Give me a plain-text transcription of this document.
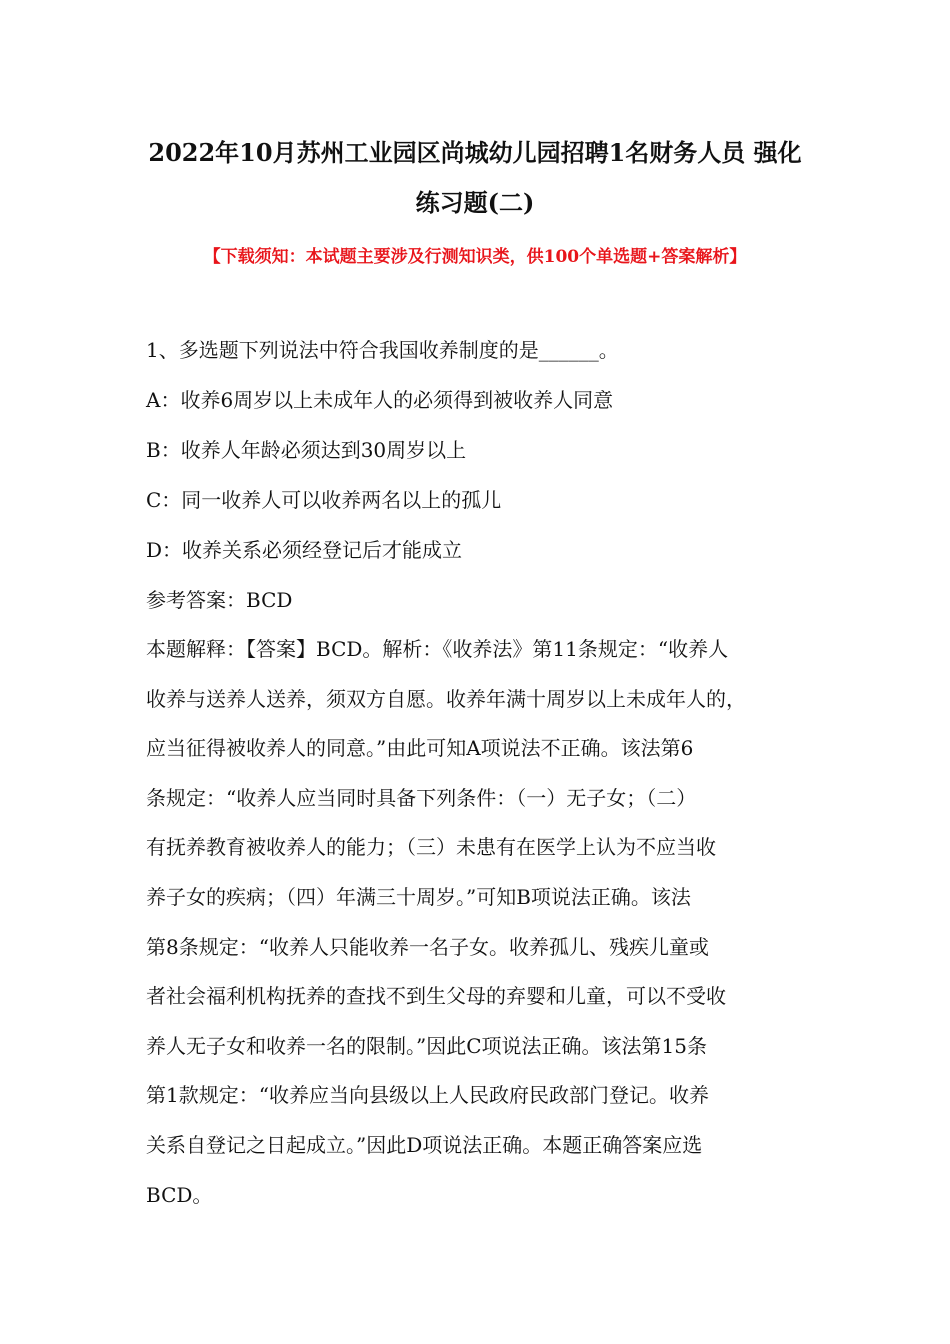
2022年10月苏州工业园区尚城幼儿园招聘1名财务人员 强化
练习题(二)
【下载须知：本试题主要涉及行测知识类，供100个单选题+答案解析】
1、多选题下列说法中符合我国收养制度的是______。
A：收养6周岁以上未成年人的必须得到被收养人同意
B：收养人年龄必须达到30周岁以上
C：同一收养人可以收养两名以上的孤儿
D：收养关系必须经登记后才能成立
参考答案：BCD
本题解释：【答案】BCD。解析：《收养法》第11条规定：“收养人
收养与送养人送养，须双方自愿。收养年满十周岁以上未成年人的，
应当征得被收养人的同意。”由此可知A项说法不正确。该法第6
条规定：“收养人应当同时具备下列条件：（一）无子女；（二）
有抚养教育被收养人的能力；（三）未患有在医学上认为不应当收
养子女的疾病；（四）年满三十周岁。”可知B项说法正确。该法
第8条规定：“收养人只能收养一名子女。收养孤儿、残疾儿童或
者社会福利机构抚养的查找不到生父母的弃婴和儿童，可以不受收
养人无子女和收养一名的限制。”因此C项说法正确。该法第15条
第1款规定：“收养应当向县级以上人民政府民政部门登记。收养
关系自登记之日起成立。”因此D项说法正确。本题正确答案应选
BCD。
